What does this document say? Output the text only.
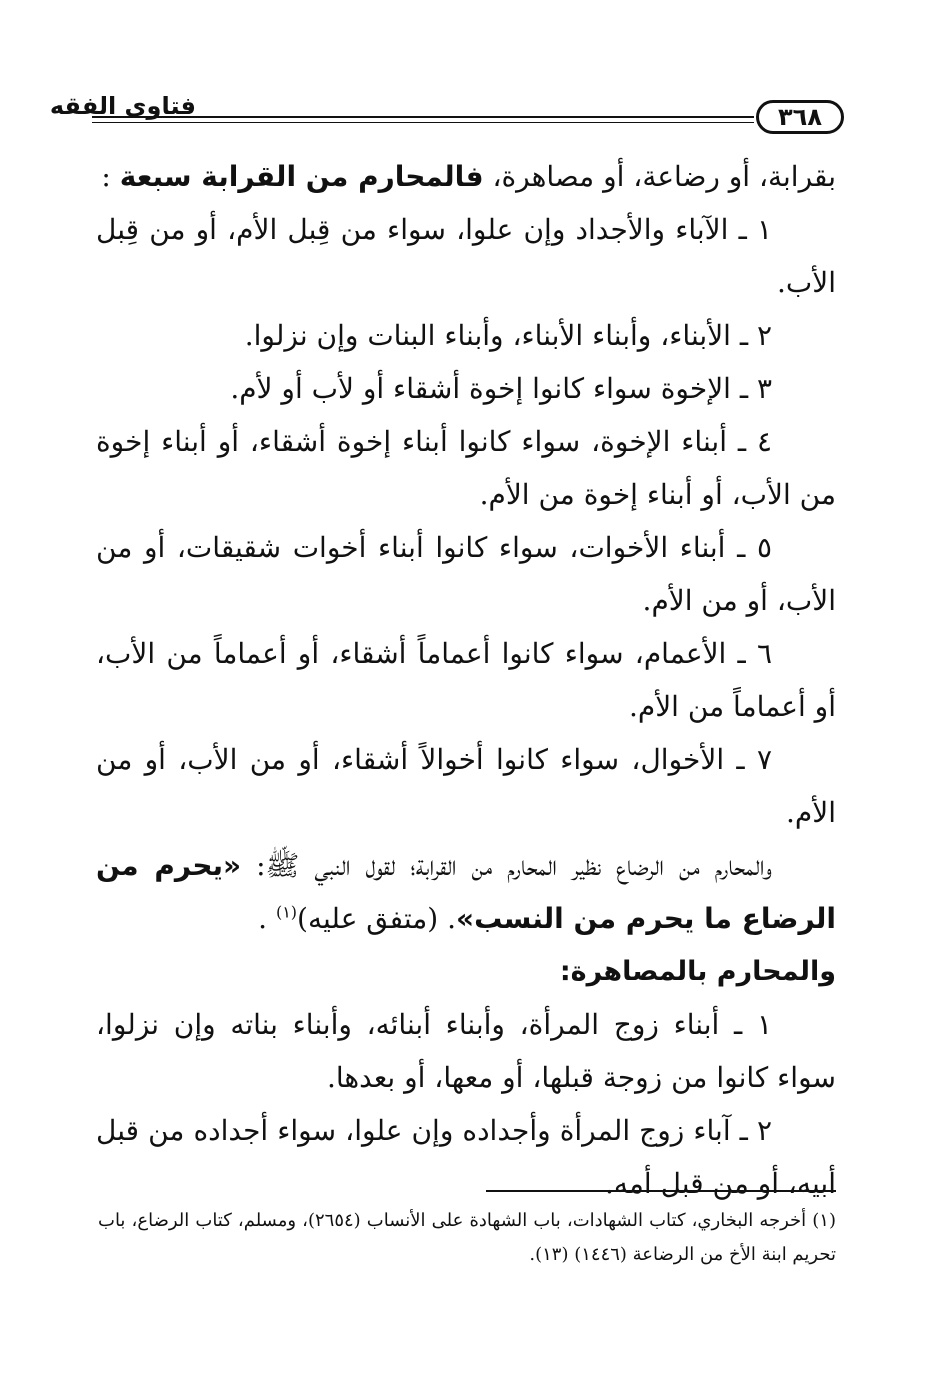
فتاوى الفقه	٣٦٨

بقرابة، أو رضاعة، أو مصاهرة، فالمحارم من القرابة سبعة :

١ ـ الآباء والأجداد وإن علوا، سواء من قِبل الأم، أو من قِبل الأب.

٢ ـ الأبناء، وأبناء الأبناء، وأبناء البنات وإن نزلوا.

٣ ـ الإخوة سواء كانوا إخوة أشقاء أو لأب أو لأم.

٤ ـ أبناء الإخوة، سواء كانوا أبناء إخوة أشقاء، أو أبناء إخوة من الأب، أو أبناء إخوة من الأم.

٥ ـ أبناء الأخوات، سواء كانوا أبناء أخوات شقيقات، أو من الأب، أو من الأم.

٦ ـ الأعمام، سواء كانوا أعماماً أشقاء، أو أعماماً من الأب، أو أعماماً من الأم.

٧ ـ الأخوال، سواء كانوا أخوالاً أشقاء، أو من الأب، أو من الأم.

والمحارم من الرضاع نظير المحارم من القرابة؛ لقول النبي ﷺ: «يحرم من الرضاع ما يحرم من النسب». (متفق عليه)$^{(١)}$ .

والمحارم بالمصاهرة:

١ ـ أبناء زوج المرأة، وأبناء أبنائه، وأبناء بناته وإن نزلوا، سواء كانوا من زوجة قبلها، أو معها، أو بعدها.

٢ ـ آباء زوج المرأة وأجداده وإن علوا، سواء أجداده من قبل أبيه، أو من قبل أمه.

(١) أخرجه البخاري، كتاب الشهادات، باب الشهادة على الأنساب (٢٦٥٤)، ومسلم، كتاب الرضاع، باب تحريم ابنة الأخ من الرضاعة (١٤٤٦) (١٣).
